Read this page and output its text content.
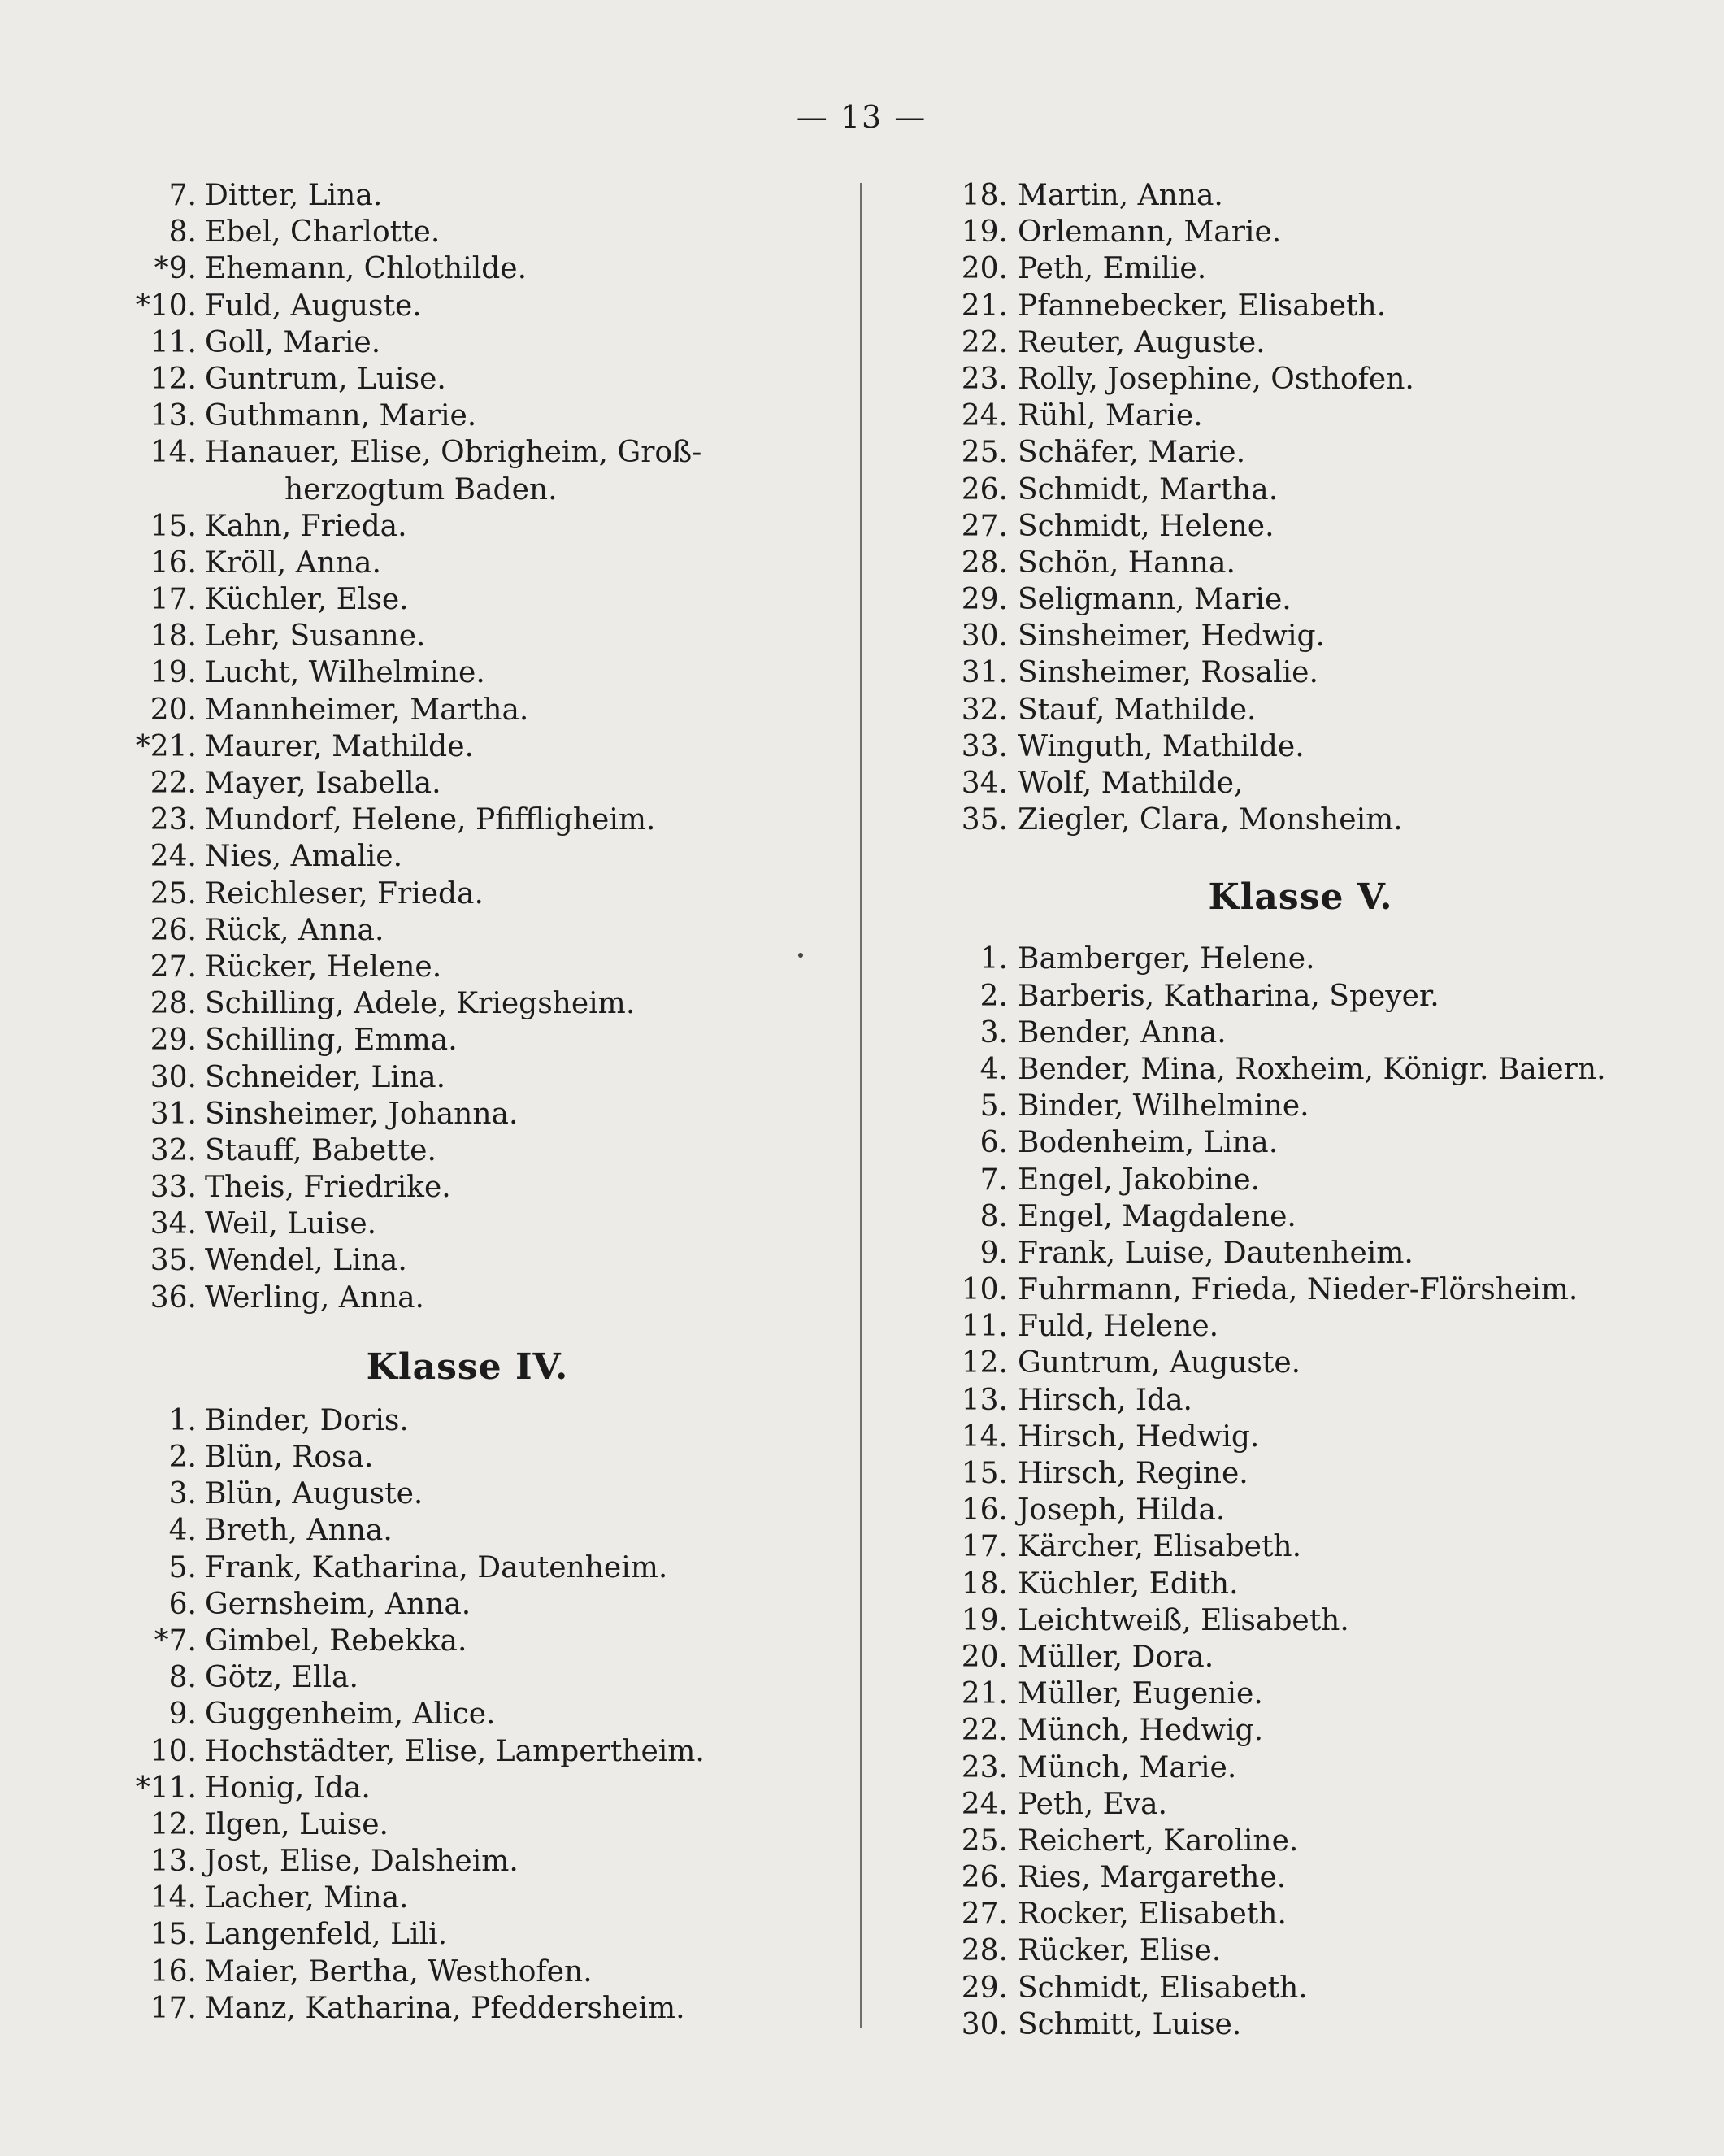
— 13 —
7. Ditter, Lina.
8. Ebel, Charlotte.
*9. Ehemann, Chlothilde.
*10. Fuld, Auguste.
11. Goll, Marie.
12. Guntrum, Luise.
13. Guthmann, Marie.
14. Hanauer, Elise, Obrigheim, Groß-
herzogtum Baden.
15. Kahn, Frieda.
16. Kröll, Anna.
17. Küchler, Else.
18. Lehr, Susanne.
19. Lucht, Wilhelmine.
20. Mannheimer, Martha.
*21. Maurer, Mathilde.
22. Mayer, Isabella.
23. Mundorf, Helene, Pfiffligheim.
24. Nies, Amalie.
25. Reichleser, Frieda.
26. Rück, Anna.
27. Rücker, Helene.
28. Schilling, Adele, Kriegsheim.
29. Schilling, Emma.
30. Schneider, Lina.
31. Sinsheimer, Johanna.
32. Stauff, Babette.
33. Theis, Friedrike.
34. Weil, Luise.
35. Wendel, Lina.
36. Werling, Anna.
Klasse IV.
1. Binder, Doris.
2. Blün, Rosa.
3. Blün, Auguste.
4. Breth, Anna.
5. Frank, Katharina, Dautenheim.
6. Gernsheim, Anna.
*7. Gimbel, Rebekka.
8. Götz, Ella.
9. Guggenheim, Alice.
10. Hochstädter, Elise, Lampertheim.
*11. Honig, Ida.
12. Ilgen, Luise.
13. Jost, Elise, Dalsheim.
14. Lacher, Mina.
15. Langenfeld, Lili.
16. Maier, Bertha, Westhofen.
17. Manz, Katharina, Pfeddersheim.
18. Martin, Anna.
19. Orlemann, Marie.
20. Peth, Emilie.
21. Pfannebecker, Elisabeth.
22. Reuter, Auguste.
23. Rolly, Josephine, Osthofen.
24. Rühl, Marie.
25. Schäfer, Marie.
26. Schmidt, Martha.
27. Schmidt, Helene.
28. Schön, Hanna.
29. Seligmann, Marie.
30. Sinsheimer, Hedwig.
31. Sinsheimer, Rosalie.
32. Stauf, Mathilde.
33. Winguth, Mathilde.
34. Wolf, Mathilde,
35. Ziegler, Clara, Monsheim.
Klasse V.
1. Bamberger, Helene.
2. Barberis, Katharina, Speyer.
3. Bender, Anna.
4. Bender, Mina, Roxheim, Königr. Baiern.
5. Binder, Wilhelmine.
6. Bodenheim, Lina.
7. Engel, Jakobine.
8. Engel, Magdalene.
9. Frank, Luise, Dautenheim.
10. Fuhrmann, Frieda, Nieder-Flörsheim.
11. Fuld, Helene.
12. Guntrum, Auguste.
13. Hirsch, Ida.
14. Hirsch, Hedwig.
15. Hirsch, Regine.
16. Joseph, Hilda.
17. Kärcher, Elisabeth.
18. Küchler, Edith.
19. Leichtweiß, Elisabeth.
20. Müller, Dora.
21. Müller, Eugenie.
22. Münch, Hedwig.
23. Münch, Marie.
24. Peth, Eva.
25. Reichert, Karoline.
26. Ries, Margarethe.
27. Rocker, Elisabeth.
28. Rücker, Elise.
29. Schmidt, Elisabeth.
30. Schmitt, Luise.
